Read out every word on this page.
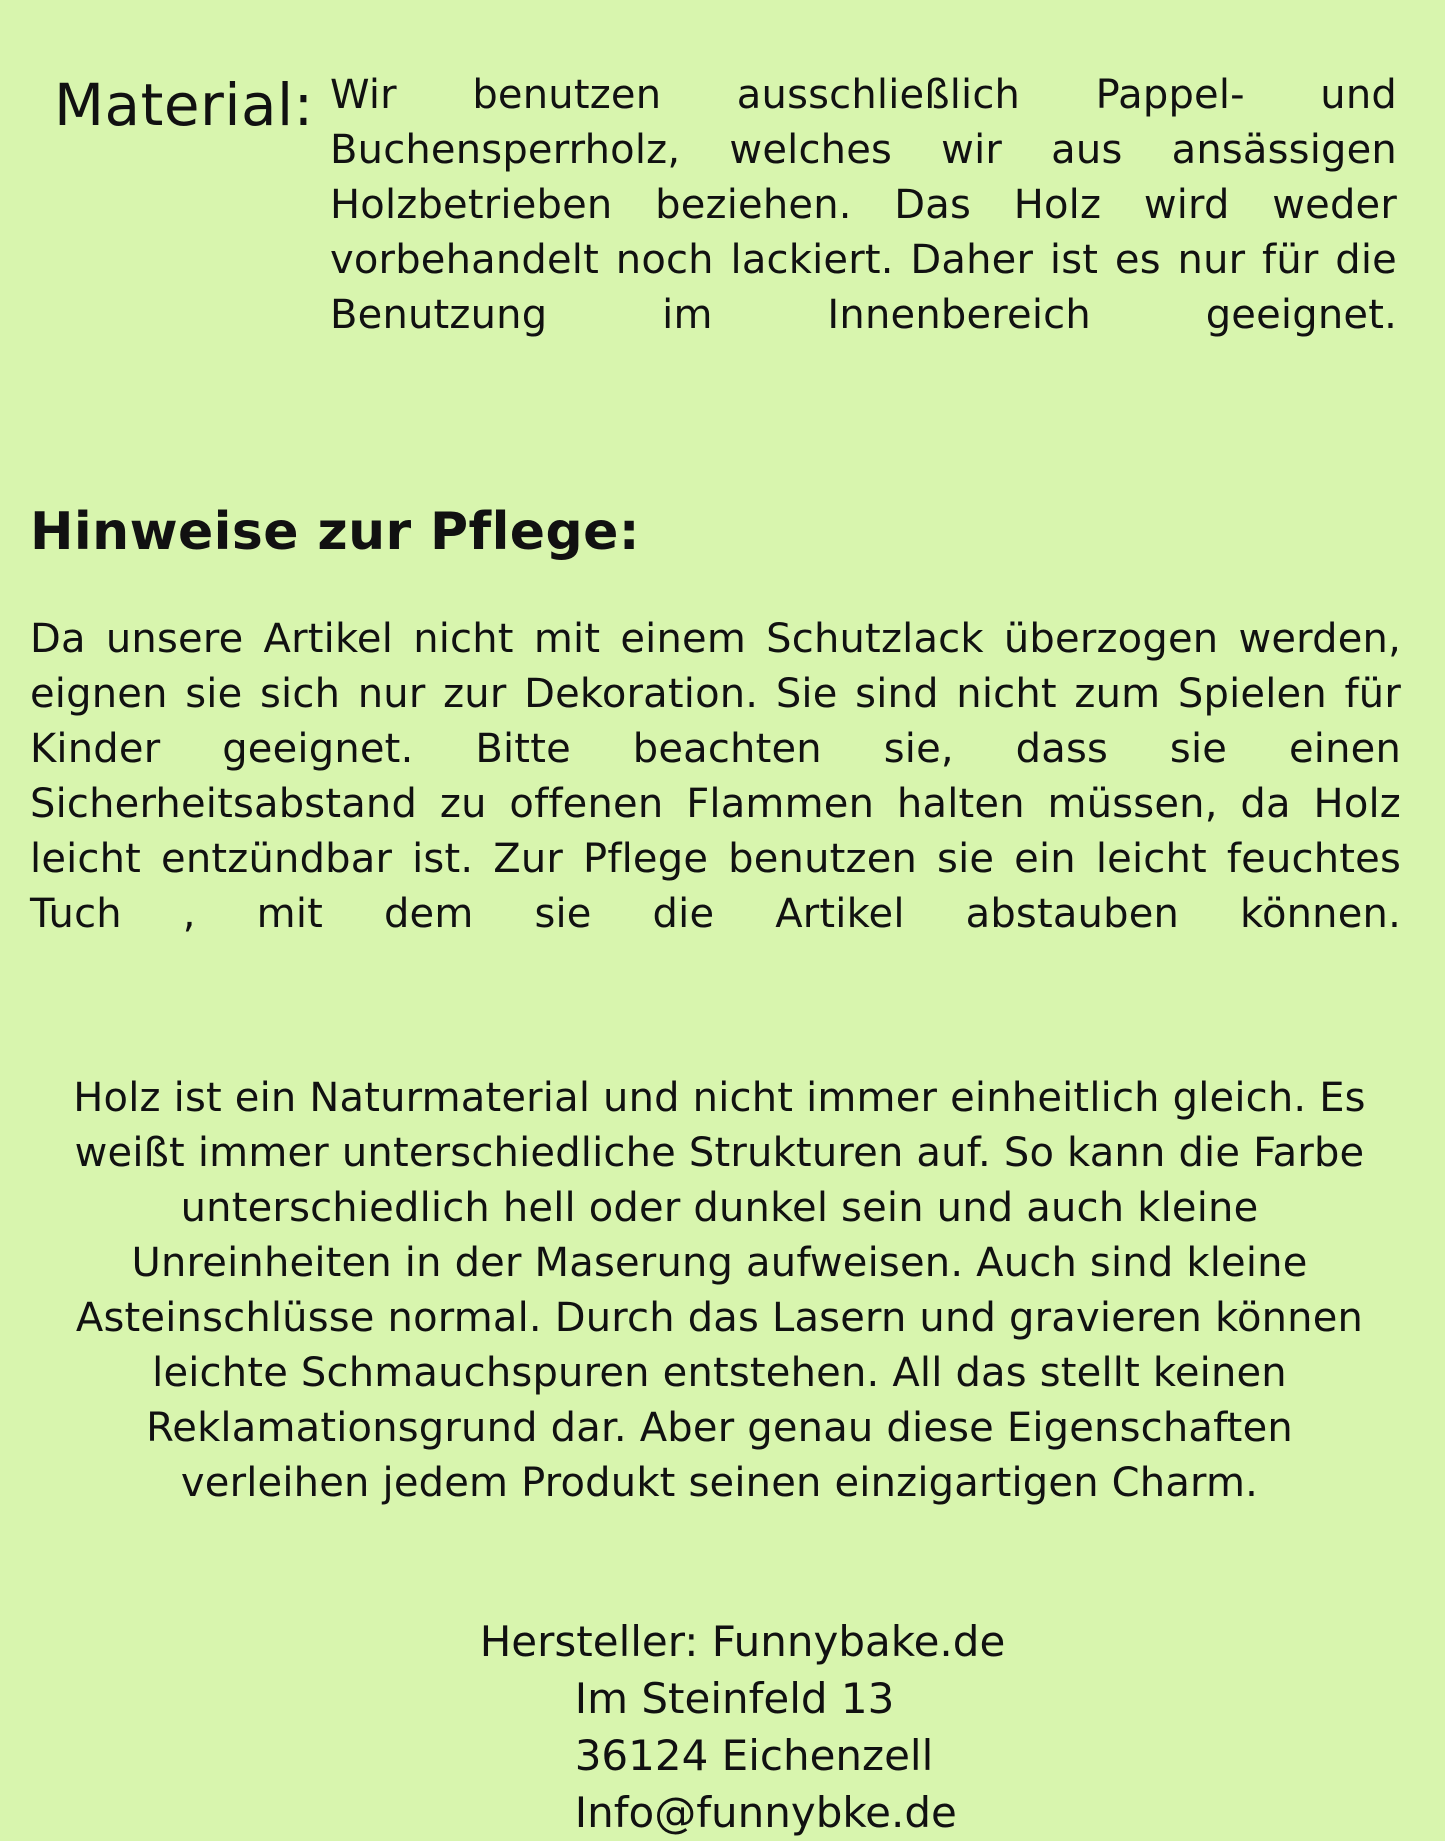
Material: Wir benutzen ausschließlich Pappel- und Buchensperrholz, welches wir aus ansässigen Holzbetrieben beziehen. Das Holz wird weder vorbehandelt noch lackiert. Daher ist es nur für die Benutzung im Innenbereich geeignet.

Hinweise zur Pflege:

Da unsere Artikel nicht mit einem Schutzlack überzogen werden, eignen sie sich nur zur Dekoration. Sie sind nicht zum Spielen für Kinder geeignet. Bitte beachten sie, dass sie einen Sicherheitsabstand zu offenen Flammen halten müssen, da Holz leicht entzündbar ist. Zur Pflege benutzen sie ein leicht feuchtes Tuch , mit dem sie die Artikel abstauben können.

Holz ist ein Naturmaterial und nicht immer einheitlich gleich. Es weißt immer unterschiedliche Strukturen auf. So kann die Farbe unterschiedlich hell oder dunkel sein und auch kleine Unreinheiten in der Maserung aufweisen. Auch sind kleine Asteinschlüsse normal. Durch das Lasern und gravieren können leichte Schmauchspuren entstehen. All das stellt keinen Reklamationsgrund dar. Aber genau diese Eigenschaften verleihen jedem Produkt seinen einzigartigen Charm.

Hersteller: Funnybake.de
Im Steinfeld 13
36124 Eichenzell
Info@funnybke.de
